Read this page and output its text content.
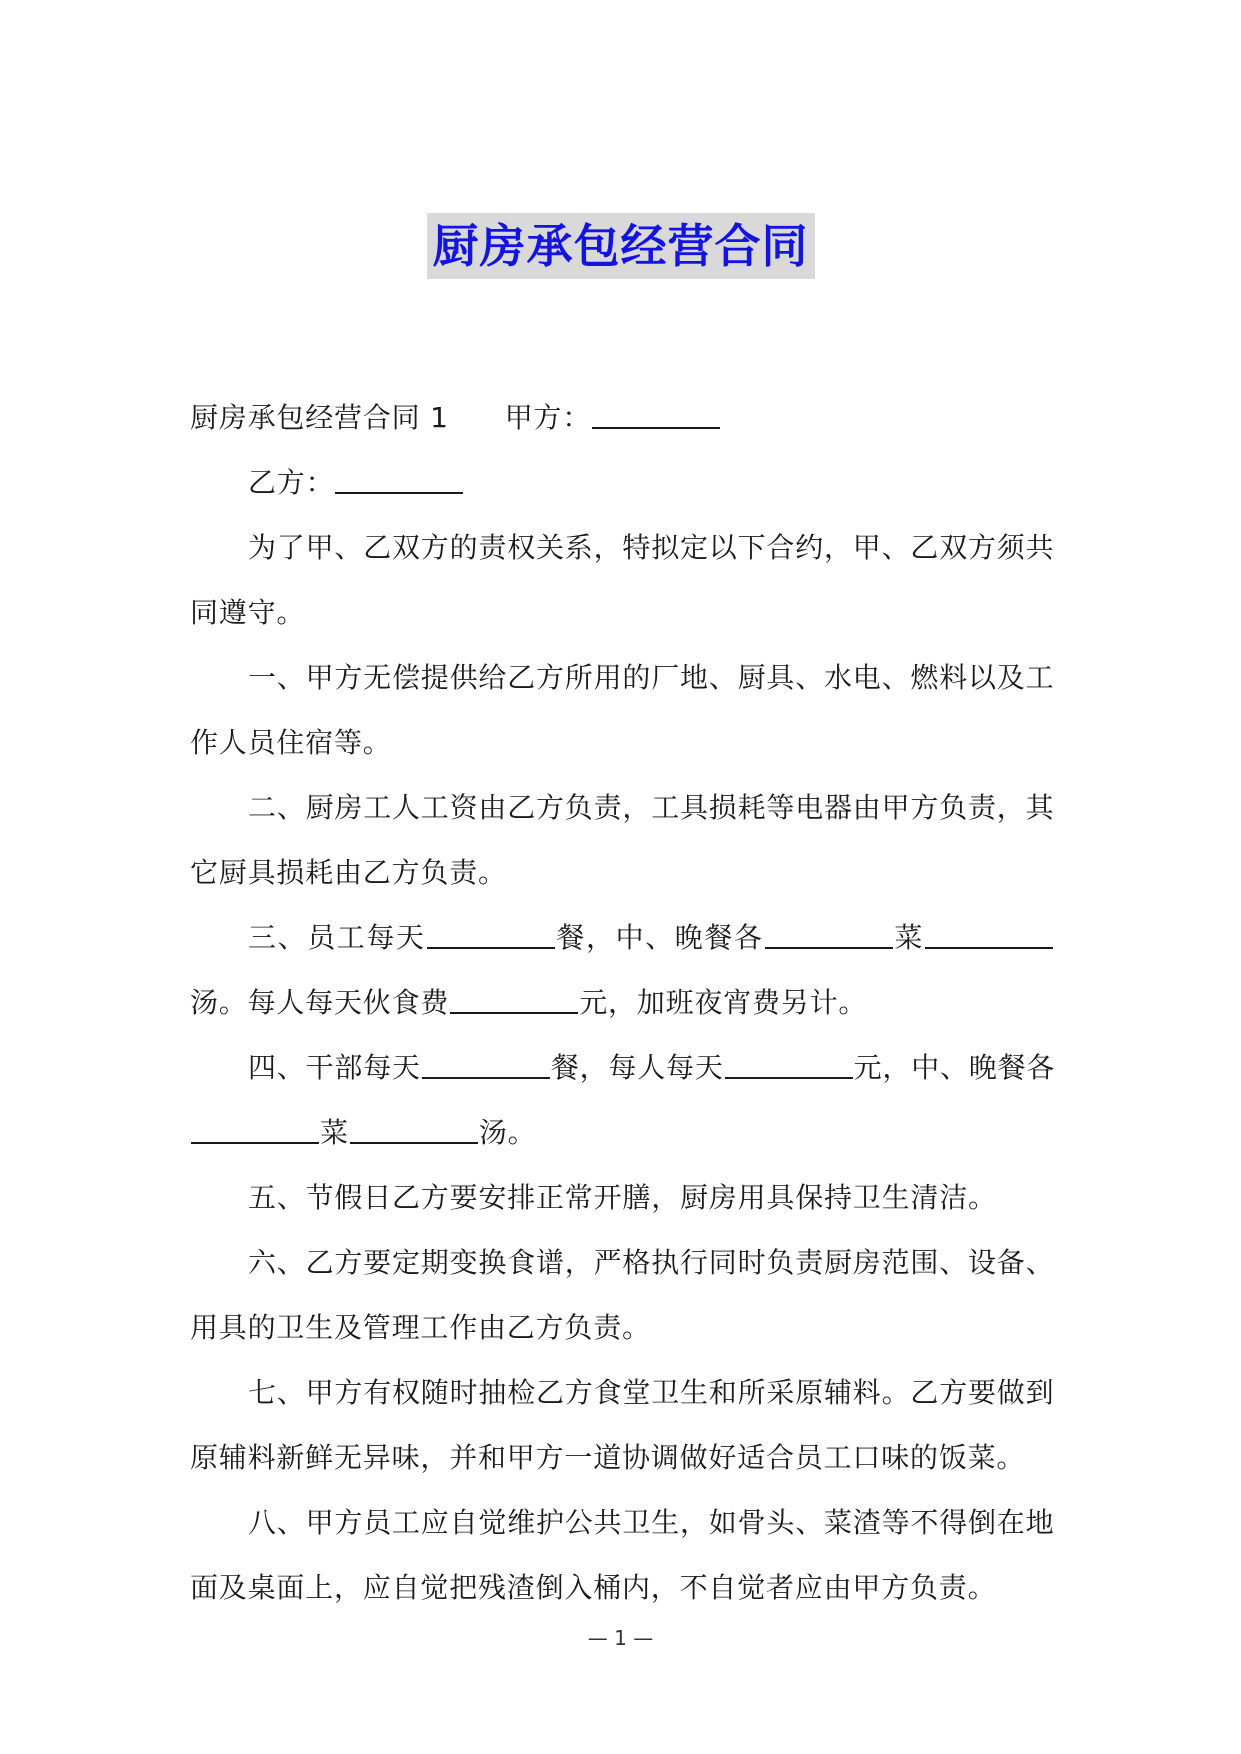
厨房承包经营合同
厨房承包经营合同 1 甲方：
乙方：
为了甲、乙双方的责权关系，特拟定以下合约，甲、乙双方须共
同遵守。
一、甲方无偿提供给乙方所用的厂地、厨具、水电、燃料以及工
作人员住宿等。
二、厨房工人工资由乙方负责，工具损耗等电器由甲方负责，其
它厨具损耗由乙方负责。
三、员工每天	餐，中、晚餐各	菜
汤。每人每天伙食费	元，加班夜宵费另计。
四、干部每天	餐，每人每天	元，中、晚餐各
菜	汤。
五、节假日乙方要安排正常开膳，厨房用具保持卫生清洁。
六、乙方要定期变换食谱，严格执行同时负责厨房范围、设备、
用具的卫生及管理工作由乙方负责。
七、甲方有权随时抽检乙方食堂卫生和所采原辅料。乙方要做到
原辅料新鲜无异味，并和甲方一道协调做好适合员工口味的饭菜。
八、甲方员工应自觉维护公共卫生，如骨头、菜渣等不得倒在地
面及桌面上，应自觉把残渣倒入桶内，不自觉者应由甲方负责。
— 1 —
